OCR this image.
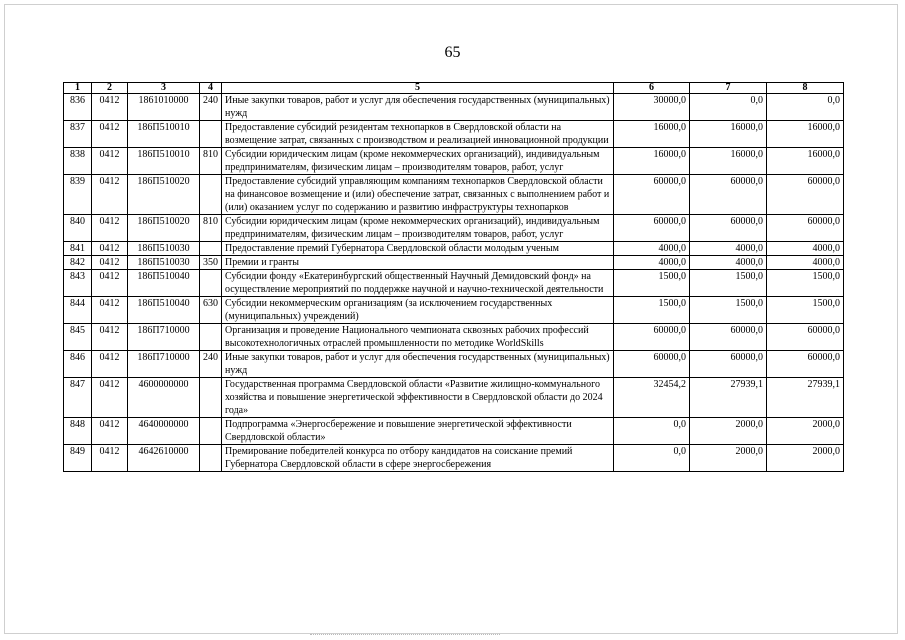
65
1	2	3	4	5	6	7	8
836	0412	1861010000	240	Иные закупки товаров, работ и услуг для обеспечения государственных (муниципальных) нужд	30000,0	0,0	0,0
837	0412	186П510010		Предоставление субсидий резидентам технопарков в Свердловской области на возмещение затрат, связанных с производством и реализацией инновационной продукции	16000,0	16000,0	16000,0
838	0412	186П510010	810	Субсидии юридическим лицам (кроме некоммерческих организаций), индивидуальным предпринимателям, физическим лицам – производителям товаров, работ, услуг	16000,0	16000,0	16000,0
839	0412	186П510020		Предоставление субсидий управляющим компаниям технопарков Свердловской области на финансовое возмещение и (или) обеспечение затрат, связанных с выполнением работ и (или) оказанием услуг по содержанию и развитию инфраструктуры технопарков	60000,0	60000,0	60000,0
840	0412	186П510020	810	Субсидии юридическим лицам (кроме некоммерческих организаций), индивидуальным предпринимателям, физическим лицам – производителям товаров, работ, услуг	60000,0	60000,0	60000,0
841	0412	186П510030		Предоставление премий Губернатора Свердловской области молодым ученым	4000,0	4000,0	4000,0
842	0412	186П510030	350	Премии и гранты	4000,0	4000,0	4000,0
843	0412	186П510040		Субсидии фонду «Екатеринбургский общественный Научный Демидовский фонд» на осуществление мероприятий по поддержке научной и научно-технической деятельности	1500,0	1500,0	1500,0
844	0412	186П510040	630	Субсидии некоммерческим организациям (за исключением государственных (муниципальных) учреждений)	1500,0	1500,0	1500,0
845	0412	186П710000		Организация и проведение Национального чемпионата сквозных рабочих профессий высокотехнологичных отраслей промышленности по методике WorldSkills	60000,0	60000,0	60000,0
846	0412	186П710000	240	Иные закупки товаров, работ и услуг для обеспечения государственных (муниципальных) нужд	60000,0	60000,0	60000,0
847	0412	4600000000		Государственная программа Свердловской области «Развитие жилищно-коммунального хозяйства и повышение энергетической эффективности в Свердловской области до 2024 года»	32454,2	27939,1	27939,1
848	0412	4640000000		Подпрограмма «Энергосбережение и повышение энергетической эффективности Свердловской области»	0,0	2000,0	2000,0
849	0412	4642610000		Премирование победителей конкурса по отбору кандидатов на соискание премий Губернатора Свердловской области в сфере энергосбережения	0,0	2000,0	2000,0
